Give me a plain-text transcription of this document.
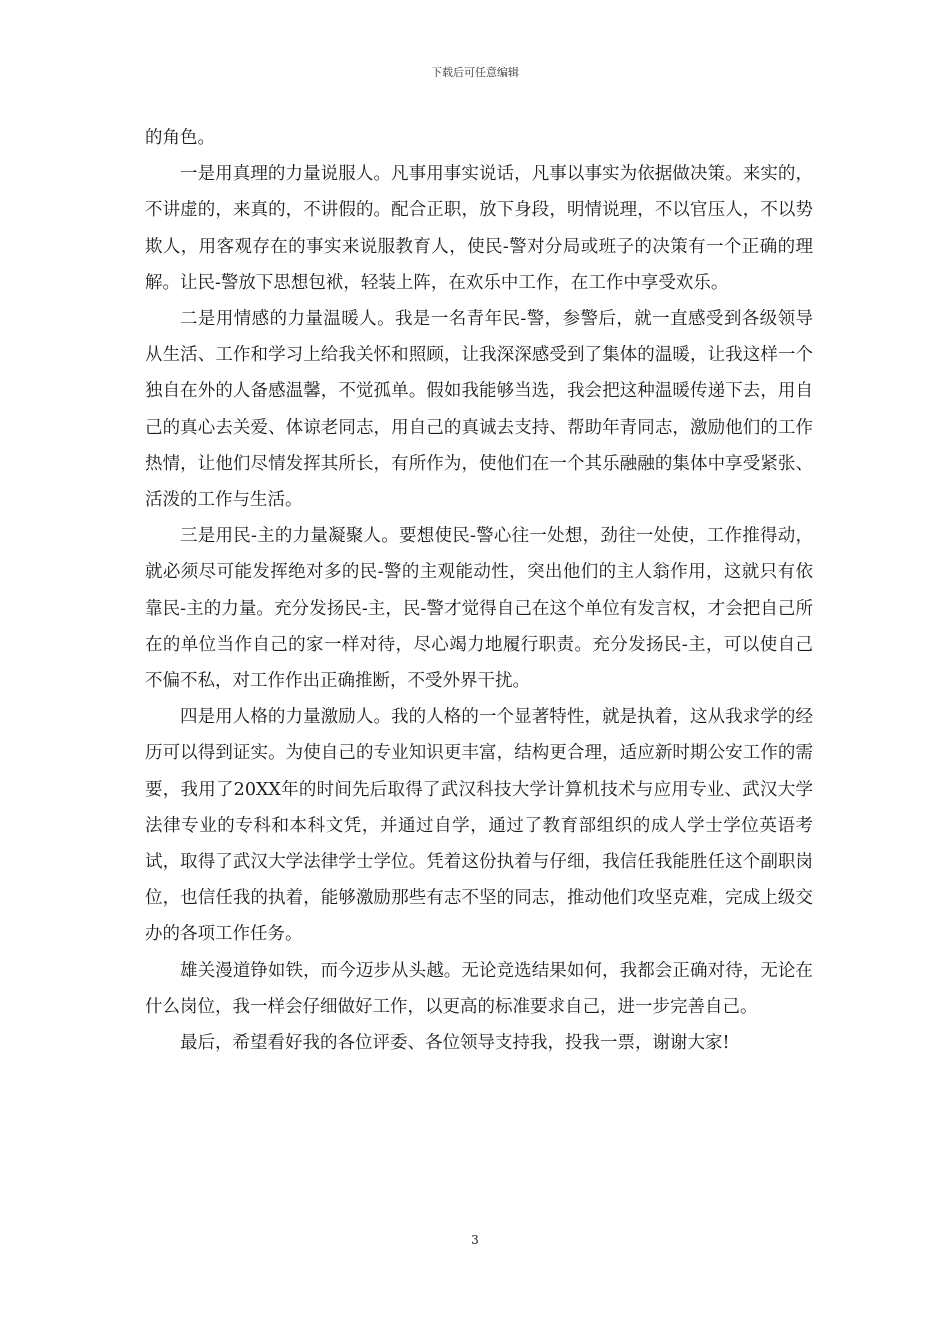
下载后可任意编辑

的角色。

一是用真理的力量说服人。凡事用事实说话，凡事以事实为依据做决策。来实的，不讲虚的，来真的，不讲假的。配合正职，放下身段，明情说理，不以官压人，不以势欺人，用客观存在的事实来说服教育人，使民-警对分局或班子的决策有一个正确的理解。让民-警放下思想包袱，轻装上阵，在欢乐中工作，在工作中享受欢乐。

二是用情感的力量温暖人。我是一名青年民-警，参警后，就一直感受到各级领导从生活、工作和学习上给我关怀和照顾，让我深深感受到了集体的温暖，让我这样一个独自在外的人备感温馨，不觉孤单。假如我能够当选，我会把这种温暖传递下去，用自己的真心去关爱、体谅老同志，用自己的真诚去支持、帮助年青同志，激励他们的工作热情，让他们尽情发挥其所长，有所作为，使他们在一个其乐融融的集体中享受紧张、活泼的工作与生活。

三是用民-主的力量凝聚人。要想使民-警心往一处想，劲往一处使，工作推得动，就必须尽可能发挥绝对多的民-警的主观能动性，突出他们的主人翁作用，这就只有依靠民-主的力量。充分发扬民-主，民-警才觉得自己在这个单位有发言权，才会把自己所在的单位当作自己的家一样对待，尽心竭力地履行职责。充分发扬民-主，可以使自己不偏不私，对工作作出正确推断，不受外界干扰。

四是用人格的力量激励人。我的人格的一个显著特性，就是执着，这从我求学的经历可以得到证实。为使自己的专业知识更丰富，结构更合理，适应新时期公安工作的需要，我用了20XX年的时间先后取得了武汉科技大学计算机技术与应用专业、武汉大学法律专业的专科和本科文凭，并通过自学，通过了教育部组织的成人学士学位英语考试，取得了武汉大学法律学士学位。凭着这份执着与仔细，我信任我能胜任这个副职岗位，也信任我的执着，能够激励那些有志不坚的同志，推动他们攻坚克难，完成上级交办的各项工作任务。

雄关漫道铮如铁，而今迈步从头越。无论竞选结果如何，我都会正确对待，无论在什么岗位，我一样会仔细做好工作，以更高的标准要求自己，进一步完善自己。

最后，希望看好我的各位评委、各位领导支持我，投我一票，谢谢大家!

3
